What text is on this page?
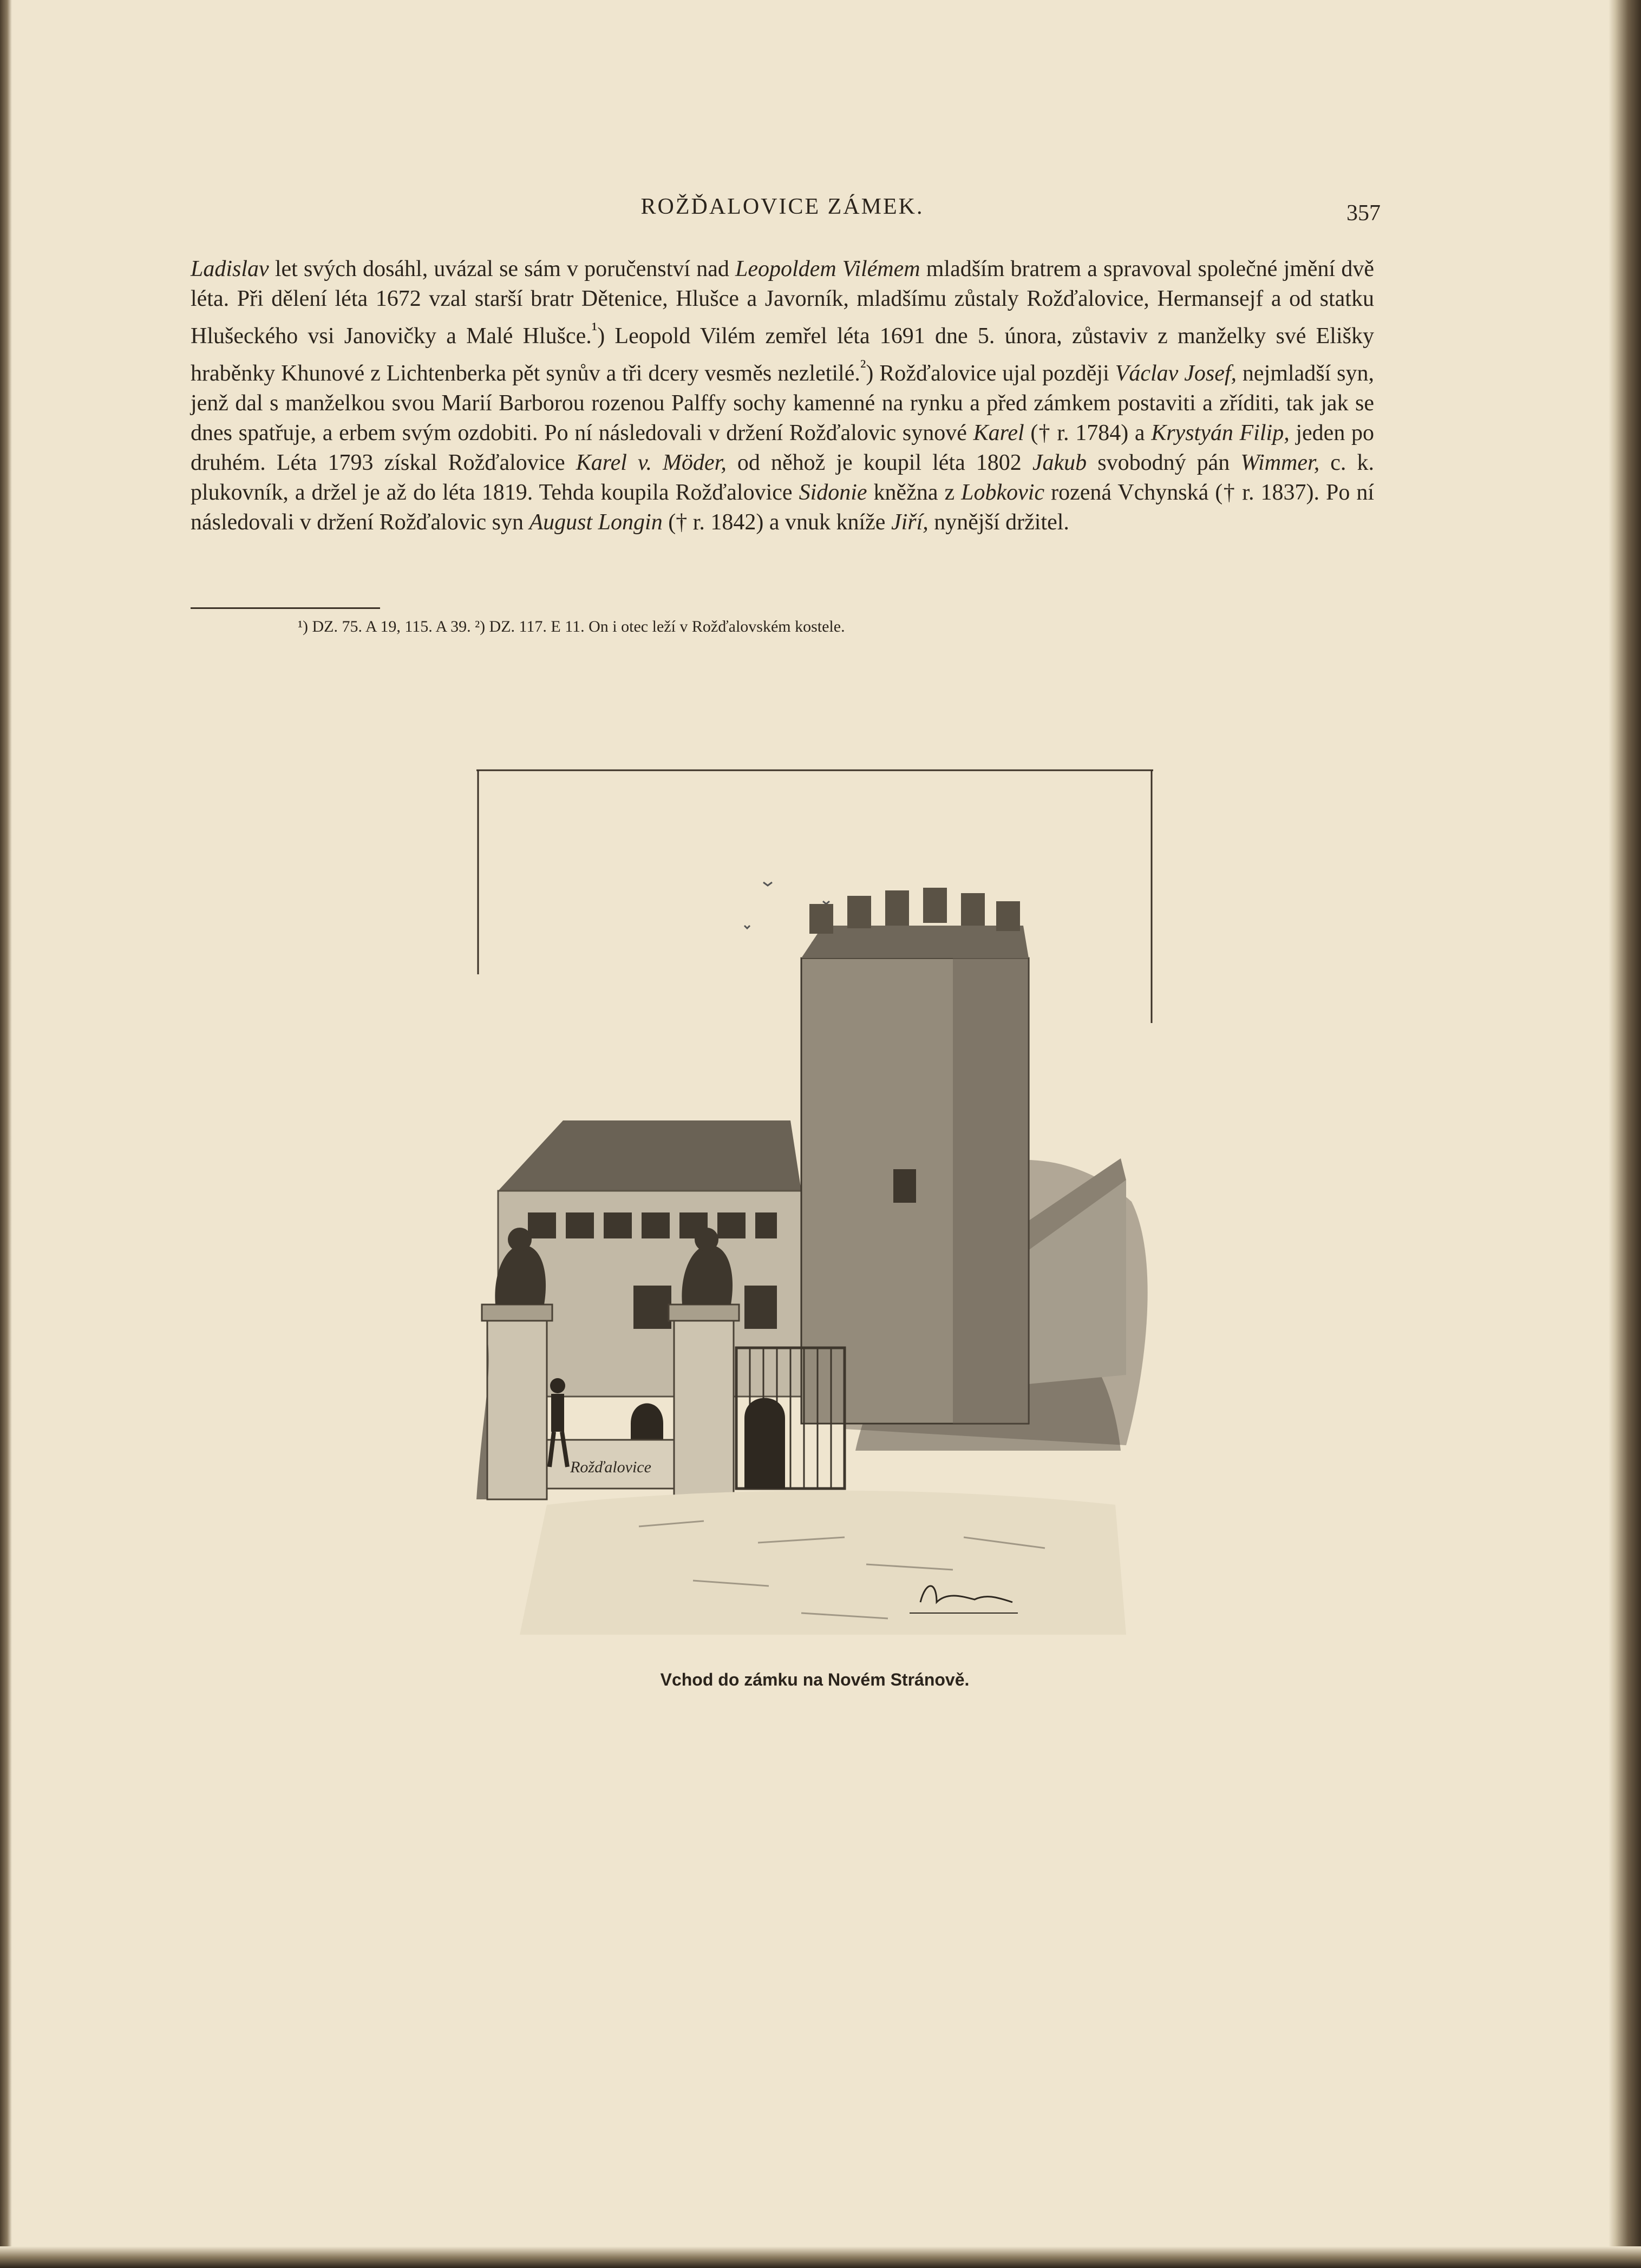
ROŽĎALOVICE ZÁMEK.	357

Ladislav let svých dosáhl, uvázal se sám v poručenství nad Leopoldem Vilémem mladším bratrem a spravoval společné jmění dvě léta. Při dělení léta 1672 vzal starší bratr Dětenice, Hlušce a Javorník, mladšímu zůstaly Rožďalovice, Hermansejf a od statku Hlušeckého vsi Janovičky a Malé Hlušce.$^{^1}$) Leopold Vilém zemřel léta 1691 dne 5. února, zůstaviv z manželky své Elišky hraběnky Khunové z Lichtenberka pět synův a tři dcery vesměs nezletilé.$^{^2}$) Rožďalovice ujal později Václav Josef, nejmladší syn, jenž dal s manželkou svou Marií Barborou rozenou Palffy sochy kamenné na rynku a před zámkem postaviti a zříditi, tak jak se dnes spatřuje, a erbem svým ozdobiti. Po ní následovali v držení Rožďalovic synové Karel († r. 1784) a Krystyán Filip, jeden po druhém. Léta 1793 získal Rožďalovice Karel v. Möder, od něhož je koupil léta 1802 Jakub svobodný pán Wimmer, c. k. plukovník, a držel je až do léta 1819. Tehda koupila Rožďalovice Sidonie kněžna z Lobkovic rozená Vchynská († r. 1837). Po ní následovali v držení Rožďalovic syn August Longin († r. 1842) a vnuk kníže Jiří, nynější držitel.

¹) DZ. 75. A 19, 115. A 39. ²) DZ. 117. E 11. On i otec leží v Rožďalovském kostele.
Rožďalovice
Vchod do zámku na Novém Stránově.
